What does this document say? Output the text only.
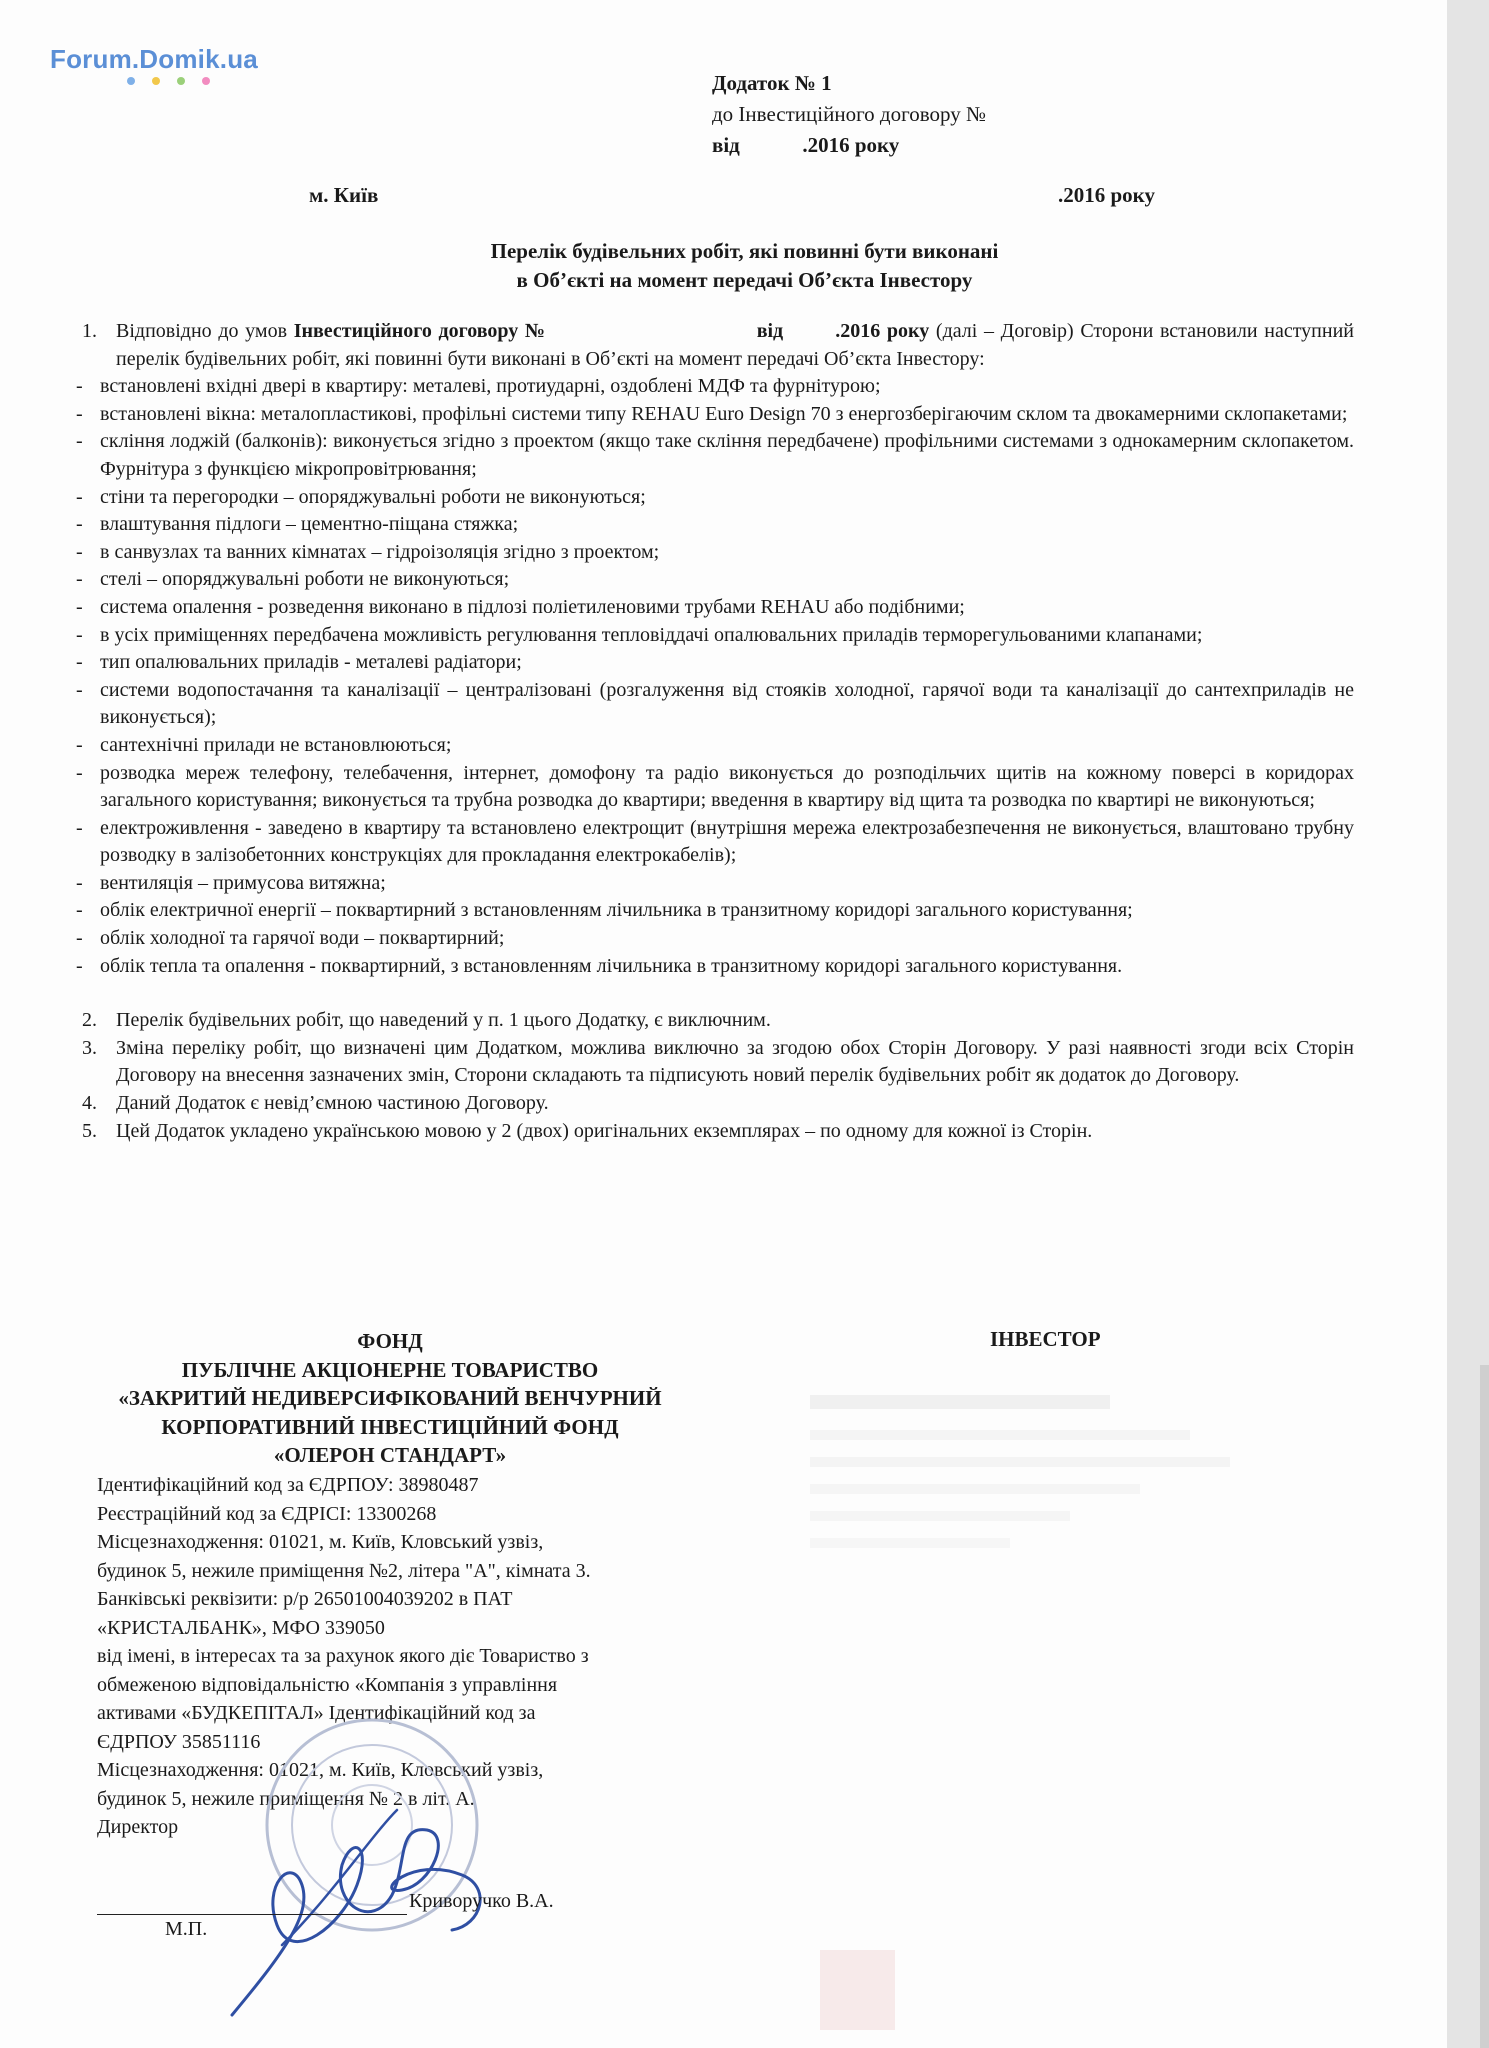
Forum.Domik.ua
Додаток № 1
до Інвестиційного договору №
від	.2016 року
м. Київ	.2016 року
Перелік будівельних робіт, які повинні бути виконані
в Об’єкті на момент передачі Об’єкта Інвестору
1. Відповідно до умов Інвестиційного договору №	від	.2016 року (далі – Договір) Сторони встановили наступний перелік будівельних робіт, які повинні бути виконані в Об’єкті на момент передачі Об’єкта Інвестору:
- встановлені вхідні двері в квартиру: металеві, протиударні, оздоблені МДФ та фурнітурою;
- встановлені вікна: металопластикові, профільні системи типу REHAU Euro Design 70 з енергозберігаючим склом та двокамерними склопакетами;
- скління лоджій (балконів): виконується згідно з проектом (якщо таке скління передбачене) профільними системами з однокамерним склопакетом. Фурнітура з функцією мікропровітрювання;
- стіни та перегородки – опоряджувальні роботи не виконуються;
- влаштування підлоги – цементно-піщана стяжка;
- в санвузлах та ванних кімнатах – гідроізоляція згідно з проектом;
- стелі – опоряджувальні роботи не виконуються;
- система опалення - розведення виконано в підлозі поліетиленовими трубами REHAU або подібними;
- в усіх приміщеннях передбачена можливість регулювання тепловіддачі опалювальних приладів терморегульованими клапанами;
- тип опалювальних приладів - металеві радіатори;
- системи водопостачання та каналізації – централізовані (розгалуження від стояків холодної, гарячої води та каналізації до сантехприладів не виконується);
- сантехнічні прилади не встановлюються;
- розводка мереж телефону, телебачення, інтернет, домофону та радіо виконується до розподільчих щитів на кожному поверсі в коридорах загального користування; виконується та трубна розводка до квартири; введення в квартиру від щита та розводка по квартирі не виконуються;
- електроживлення - заведено в квартиру та встановлено електрощит (внутрішня мережа електрозабезпечення не виконується, влаштовано трубну розводку в залізобетонних конструкціях для прокладання електрокабелів);
- вентиляція – примусова витяжна;
- облік електричної енергії – поквартирний з встановленням лічильника в транзитному коридорі загального користування;
- облік холодної та гарячої води – поквартирний;
- облік тепла та опалення - поквартирний, з встановленням лічильника в транзитному коридорі загального користування.
2. Перелік будівельних робіт, що наведений у п. 1 цього Додатку, є виключним.
3. Зміна переліку робіт, що визначені цим Додатком, можлива виключно за згодою обох Сторін Договору. У разі наявності згоди всіх Сторін Договору на внесення зазначених змін, Сторони складають та підписують новий перелік будівельних робіт як додаток до Договору.
4. Даний Додаток є невід’ємною частиною Договору.
5. Цей Додаток укладено українською мовою у 2 (двох) оригінальних екземплярах – по одному для кожної із Сторін.
ФОНД
ПУБЛІЧНЕ АКЦІОНЕРНЕ ТОВАРИСТВО
«ЗАКРИТИЙ НЕДИВЕРСИФІКОВАНИЙ ВЕНЧУРНИЙ
КОРПОРАТИВНИЙ ІНВЕСТИЦІЙНИЙ ФОНД
«ОЛЕРОН СТАНДАРТ»
ІНВЕСТОР
Ідентифікаційний код за ЄДРПОУ: 38980487
Реєстраційний код за ЄДРІСІ: 13300268
Місцезнаходження: 01021, м. Київ, Кловський узвіз,
будинок 5, нежиле приміщення №2, літера "А", кімната 3.
Банківські реквізити: р/р 26501004039202 в ПАТ
«КРИСТАЛБАНК», МФО 339050
від імені, в інтересах та за рахунок якого діє Товариство з
обмеженою відповідальністю «Компанія з управління
активами «БУДКЕПІТАЛ» Ідентифікаційний код за
ЄДРПОУ 35851116
Місцезнаходження: 01021, м. Київ, Кловський узвіз,
будинок 5, нежиле приміщення № 2 в літ. А.
Директор
Криворучко В.А.
М.П.
